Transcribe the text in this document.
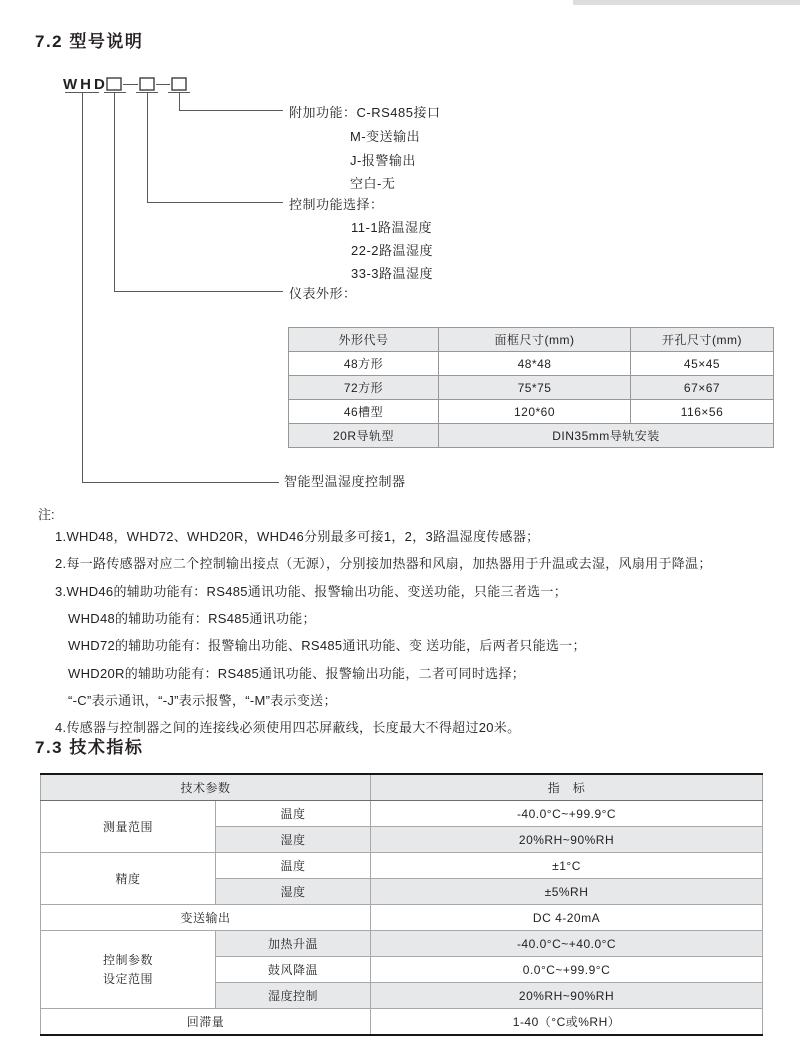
7.2 型号说明
WHD
附加功能：C-RS485接口
M-变送输出
J-报警输出
空白-无
控制功能选择：
11-1路温湿度
22-2路温湿度
33-3路温湿度
仪表外形：
外形代号	面框尺寸(mm)	开孔尺寸(mm)
48方形	48*48	45×45
72方形	75*75	67×67
46槽型	120*60	116×56
20R导轨型	DIN35mm导轨安装	
智能型温湿度控制器
注:
1.WHD48，WHD72、WHD20R，WHD46分别最多可接1，2，3路温湿度传感器；
2.每一路传感器对应二个控制输出接点（无源），分别接加热器和风扇，加热器用于升温或去湿，风扇用于降温；
3.WHD46的辅助功能有：RS485通讯功能、报警输出功能、变送功能，只能三者选一；
WHD48的辅助功能有：RS485通讯功能；
WHD72的辅助功能有：报警输出功能、RS485通讯功能、变 送功能，后两者只能选一；
WHD20R的辅助功能有：RS485通讯功能、报警输出功能，二者可同时选择；
“-C”表示通讯，“-J”表示报警，“-M”表示变送；
4.传感器与控制器之间的连接线必须使用四芯屏蔽线，长度最大不得超过20米。
7.3 技术指标
技术参数		指　标
测量范围	温度	-40.0°C~+99.9°C
	湿度	20%RH~90%RH
精度	温度	±1°C
	湿度	±5%RH
变送输出		DC 4-20mA

控制参数
设定范围	加热升温	-40.0°C~+40.0°C
	鼓风降温	0.0°C~+99.9°C
	湿度控制	20%RH~90%RH
回滞量		1-40（°C或%RH）
